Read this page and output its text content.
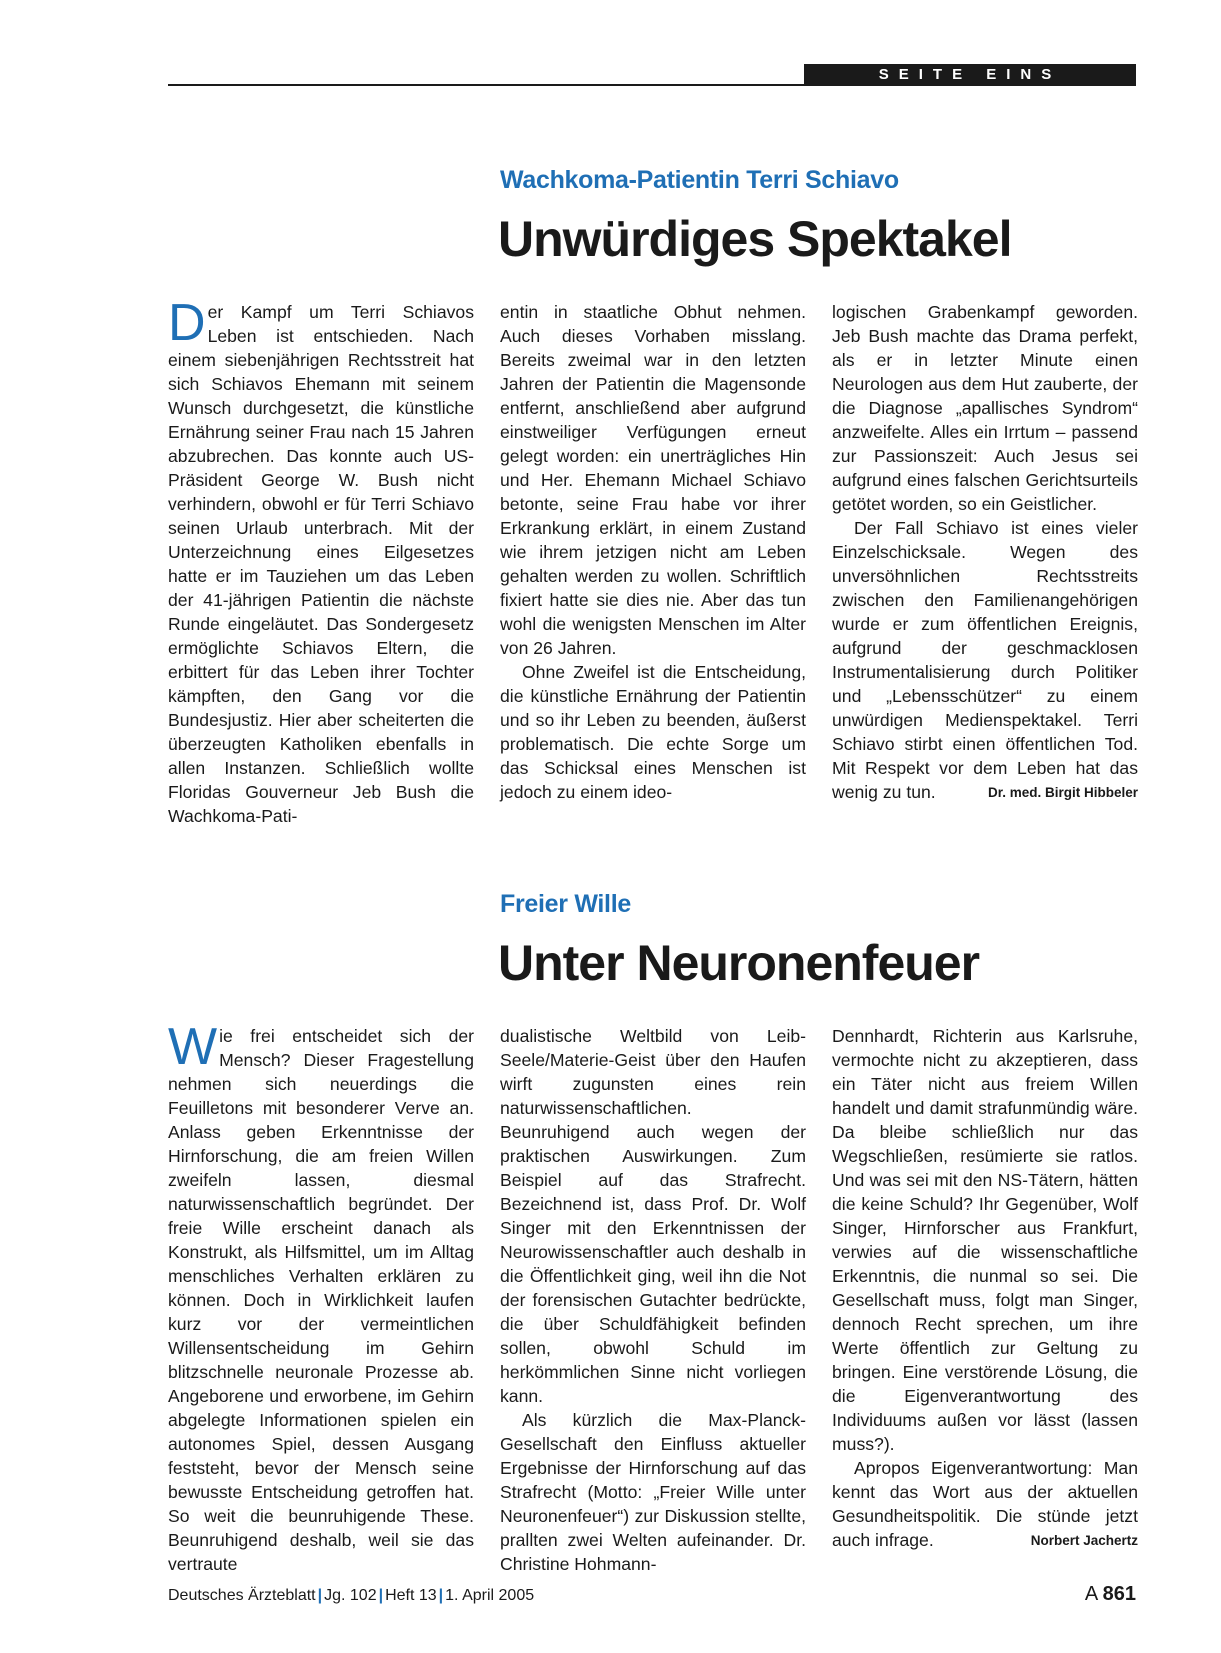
SEITE EINS
Wachkoma-Patientin Terri Schiavo
Unwürdiges Spektakel

Der Kampf um Terri Schiavos Leben ist entschieden. Nach einem siebenjährigen Rechtsstreit hat sich Schiavos Ehemann mit seinem Wunsch durchgesetzt, die künstliche Ernährung seiner Frau nach 15 Jahren abzubrechen. Das konnte auch US-Präsident George W. Bush nicht verhindern, obwohl er für Terri Schiavo seinen Urlaub unterbrach. Mit der Unterzeichnung eines Eilgesetzes hatte er im Tauziehen um das Leben der 41-jährigen Patientin die nächste Runde eingeläutet. Das Sondergesetz ermöglichte Schiavos Eltern, die erbittert für das Leben ihrer Tochter kämpften, den Gang vor die Bundesjustiz. Hier aber scheiterten die überzeugten Katholiken ebenfalls in allen Instanzen. Schließlich wollte Floridas Gouverneur Jeb Bush die Wachkoma-Pati-

entin in staatliche Obhut nehmen. Auch dieses Vorhaben misslang. Bereits zweimal war in den letzten Jahren der Patientin die Magensonde entfernt, anschließend aber aufgrund einstweiliger Verfügungen erneut gelegt worden: ein unerträgliches Hin und Her. Ehemann Michael Schiavo betonte, seine Frau habe vor ihrer Erkrankung erklärt, in einem Zustand wie ihrem jetzigen nicht am Leben gehalten werden zu wollen. Schriftlich fixiert hatte sie dies nie. Aber das tun wohl die wenigsten Menschen im Alter von 26 Jahren.

Ohne Zweifel ist die Entscheidung, die künstliche Ernährung der Patientin und so ihr Leben zu beenden, äußerst problematisch. Die echte Sorge um das Schicksal eines Menschen ist jedoch zu einem ideo-

logischen Grabenkampf geworden. Jeb Bush machte das Drama perfekt, als er in letzter Minute einen Neurologen aus dem Hut zauberte, der die Diagnose „apallisches Syndrom“ anzweifelte. Alles ein Irrtum – passend zur Passionszeit: Auch Jesus sei aufgrund eines falschen Gerichtsurteils getötet worden, so ein Geistlicher.

Der Fall Schiavo ist eines vieler Einzelschicksale. Wegen des unversöhnlichen Rechtsstreits zwischen den Familienangehörigen wurde er zum öffentlichen Ereignis, aufgrund der geschmacklosen Instrumentalisierung durch Politiker und „Lebensschützer“ zu einem unwürdigen Medienspektakel. Terri Schiavo stirbt einen öffentlichen Tod. Mit Respekt vor dem Leben hat das wenig zu tun.	Dr. med. Birgit Hibbeler

Freier Wille
Unter Neuronenfeuer

Wie frei entscheidet sich der Mensch? Dieser Fragestellung nehmen sich neuerdings die Feuilletons mit besonderer Verve an. Anlass geben Erkenntnisse der Hirnforschung, die am freien Willen zweifeln lassen, diesmal naturwissenschaftlich begründet. Der freie Wille erscheint danach als Konstrukt, als Hilfsmittel, um im Alltag menschliches Verhalten erklären zu können. Doch in Wirklichkeit laufen kurz vor der vermeintlichen Willensentscheidung im Gehirn blitzschnelle neuronale Prozesse ab. Angeborene und erworbene, im Gehirn abgelegte Informationen spielen ein autonomes Spiel, dessen Ausgang feststeht, bevor der Mensch seine bewusste Entscheidung getroffen hat. So weit die beunruhigende These. Beunruhigend deshalb, weil sie das vertraute

dualistische Weltbild von Leib-Seele/Materie-Geist über den Haufen wirft zugunsten eines rein naturwissenschaftlichen. Beunruhigend auch wegen der praktischen Auswirkungen. Zum Beispiel auf das Strafrecht. Bezeichnend ist, dass Prof. Dr. Wolf Singer mit den Erkenntnissen der Neurowissenschaftler auch deshalb in die Öffentlichkeit ging, weil ihn die Not der forensischen Gutachter bedrückte, die über Schuldfähigkeit befinden sollen, obwohl Schuld im herkömmlichen Sinne nicht vorliegen kann.

Als kürzlich die Max-Planck-Gesellschaft den Einfluss aktueller Ergebnisse der Hirnforschung auf das Strafrecht (Motto: „Freier Wille unter Neuronenfeuer“) zur Diskussion stellte, prallten zwei Welten aufeinander. Dr. Christine Hohmann-

Dennhardt, Richterin aus Karlsruhe, vermochte nicht zu akzeptieren, dass ein Täter nicht aus freiem Willen handelt und damit strafunmündig wäre. Da bleibe schließlich nur das Wegschließen, resümierte sie ratlos. Und was sei mit den NS-Tätern, hätten die keine Schuld? Ihr Gegenüber, Wolf Singer, Hirnforscher aus Frankfurt, verwies auf die wissenschaftliche Erkenntnis, die nunmal so sei. Die Gesellschaft muss, folgt man Singer, dennoch Recht sprechen, um ihre Werte öffentlich zur Geltung zu bringen. Eine verstörende Lösung, die die Eigenverantwortung des Individuums außen vor lässt (lassen muss?).

Apropos Eigenverantwortung: Man kennt das Wort aus der aktuellen Gesundheitspolitik. Die stünde jetzt auch infrage.	Norbert Jachertz

Deutsches Ärzteblatt | Jg. 102 | Heft 13 | 1. April 2005	A 861
